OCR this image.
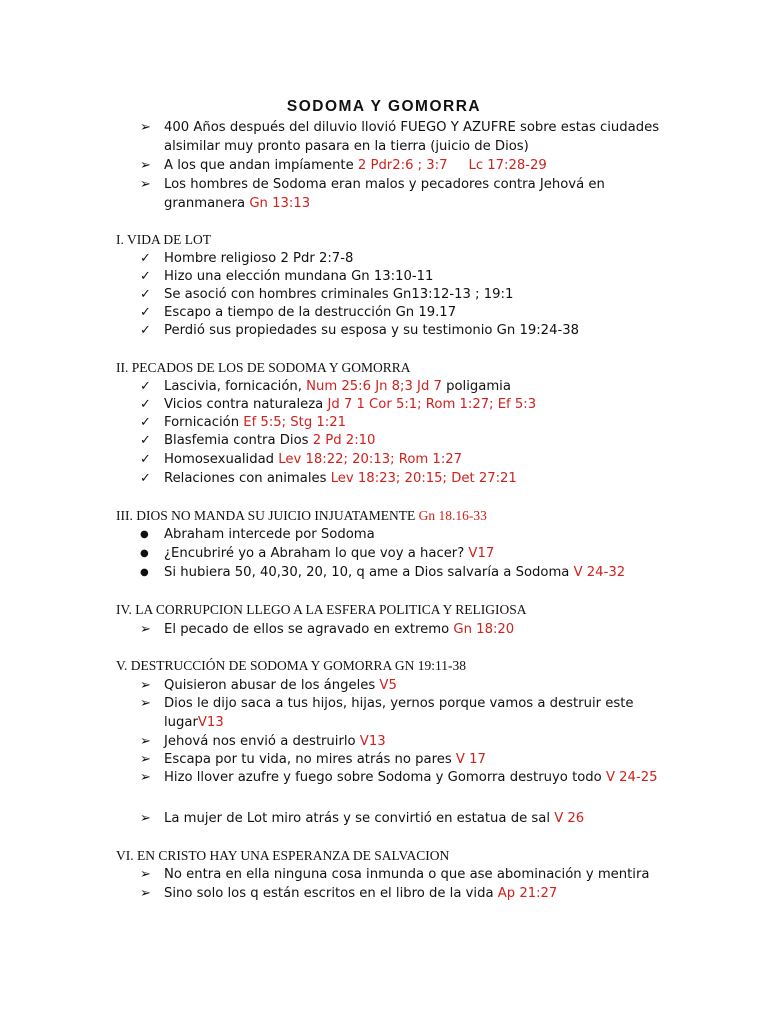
SODOMA Y GOMORRA
➢ 400 Años después del diluvio llovió FUEGO Y AZUFRE sobre estas ciudades alsimilar muy pronto pasara en la tierra (juicio de Dios)
➢ A los que andan impíamente 2 Pdr2:6 ; 3:7     Lc 17:28-29
➢ Los hombres de Sodoma eran malos y pecadores contra Jehová en granmanera Gn 13:13

I. VIDA DE LOT

✓ Hombre religioso 2 Pdr 2:7-8
✓ Hizo una elección mundana Gn 13:10-11
✓ Se asoció con hombres criminales Gn13:12-13 ; 19:1
✓ Escapo a tiempo de la destrucción Gn 19.17
✓ Perdió sus propiedades su esposa y su testimonio Gn 19:24-38

II. PECADOS DE LOS DE SODOMA Y GOMORRA

✓ Lascivia, fornicación, Num 25:6 Jn 8;3 Jd 7 poligamia
✓ Vicios contra naturaleza Jd 7 1 Cor 5:1; Rom 1:27; Ef 5:3
✓ Fornicación Ef 5:5; Stg 1:21
✓ Blasfemia contra Dios 2 Pd 2:10
✓ Homosexualidad Lev 18:22; 20:13; Rom 1:27
✓ Relaciones con animales Lev 18:23; 20:15; Det 27:21

III. DIOS NO MANDA SU JUICIO INJUATAMENTE Gn 18.16-33

●	Abraham intercede por Sodoma
●	¿Encubriré yo a Abraham lo que voy a hacer? V17
●	Si hubiera 50, 40,30, 20, 10, q ame a Dios salvaría a Sodoma V 24-32

IV. LA CORRUPCION LLEGO A LA ESFERA POLITICA Y RELIGIOSA

➢ El pecado de ellos se agravado en extremo Gn 18:20

V. DESTRUCCIÓN DE SODOMA Y GOMORRA GN 19:11-38

➢ Quisieron abusar de los ángeles V5
➢ Dios le dijo saca a tus hijos, hijas, yernos porque vamos a destruir este lugarV13
➢ Jehová nos envió a destruirlo V13
➢ Escapa por tu vida, no mires atrás no pares V 17
➢ Hizo llover azufre y fuego sobre Sodoma y Gomorra destruyo todo V 24-25
➢ La mujer de Lot miro atrás y se convirtió en estatua de sal V 26

VI. EN CRISTO HAY UNA ESPERANZA DE SALVACION

➢ No entra en ella ninguna cosa inmunda o que ase abominación y mentira
➢ Sino solo los q están escritos en el libro de la vida Ap 21:27
